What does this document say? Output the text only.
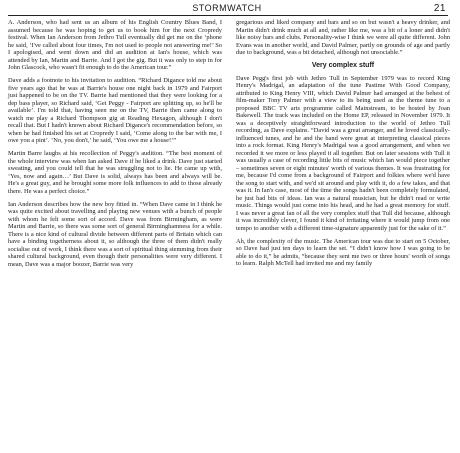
STORMWATCH	21

A. Anderson, who had sent us an album of his English Country Blues Band, I assumed because he was hoping to get us to book him for the next Cropredy festival. When Ian Anderson from Jethro Tull eventually did get me on the ‘phone he said, ‘I've called about four times, I'm not used to people not answering me!’ So I apologised, and went down and did an audition at Ian's house, which was attended by Ian, Martin and Barrie. And I got the gig. But it was only to step in for John Glascock, who wasn't fit enough to do the American tour.”

Dave adds a footnote to his invitation to audition. “Richard Digance told me about five years ago that he was at Barrie's house one night back in 1979 and Fairport just happened to be on the TV. Barrie had mentioned that they were looking for a dep bass player, so Richard said, ‘Get Peggy - Fairport are splitting up, so he'll be available’. I'm told that, having seen me on the TV, Barrie then came along to watch me play a Richard Thompson gig at Reading Hexagon, although I don't recall that. But I hadn't known about Richard Digance's recommendation before, so when he had finished his set at Cropredy I said, ‘Come along to the bar with me, I owe you a pint’. ‘No, you don't,’ he said, ‘You owe me a house!’”

Martin Barre laughs at his recollection of Peggy's audition. “The best moment of the whole interview was when Ian asked Dave if he liked a drink. Dave just started sweating, and you could tell that he was struggling not to lie. He came up with, ‘Yes, now and again…’ But Dave is solid, always has been and always will be. He's a great guy, and he brought some more folk influences to add to those already there. He was a perfect choice.”

Ian Anderson describes how the new boy fitted in. “When Dave came in I think he was quite excited about travelling and playing new venues with a bunch of people with whom he felt some sort of accord. Dave was from Birmingham, as were Martin and Barrie, so there was some sort of general Birminghamness for a while. There is a nice kind of cultural divide between different parts of Britain which can have a binding togetherness about it, so although the three of them didn't really socialise out of work, I think there was a sort of spiritual thing stemming from their shared cultural background, even though their personalities were very different. I mean, Dave was a major boozer, Barrie was very

gregarious and liked company and bars and so on but wasn't a heavy drinker, and Martin didn't drink much at all and, rather like me, was a bit of a loner and didn't like noisy bars and clubs. Personality-wise I think we were all quite different. John Evans was in another world, and David Palmer, partly on grounds of age and partly due to background, was a bit detached, although not unsociable.”

Very complex stuff

Dave Pegg's first job with Jethro Tull in September 1979 was to record King Henry's Madrigal, an adaptation of the tune Pastime With Good Company, attributed to King Henry VIII, which David Palmer had arranged at the behest of film-maker Tony Palmer with a view to its being used as the theme tune to a proposed BBC TV arts programme called Mainstream, to be hosted by Joan Bakewell. The track was included on the Home EP, released in November 1979. It was a deceptively straightforward introduction to the world of Jethro Tull recording, as Dave explains. “David was a great arranger, and he loved classically-influenced tunes, and he and the band were great at interpreting classical pieces into a rock format. King Henry's Madrigal was a good arrangement, and when we recorded it we more or less played it all together. But on later sessions with Tull it was usually a case of recording little bits of music which Ian would piece together – sometimes seven or eight minutes' worth of various themes. It was frustrating for me, because I'd come from a background of Fairport and folkies where we'd have the song to start with, and we'd sit around and play with it, do a few takes, and that was it. In Ian's case, most of the time the songs hadn't been completely formulated, he just had bits of ideas. Ian was a natural musician, but he didn't read or write music. Things would just come into his head, and he had a great memory for stuff. I was never a great fan of all the very complex stuff that Tull did because, although it was incredibly clever, I found it kind of irritating where it would jump from one tempo to another with a different time-signature apparently just for the sake of it.”

Ah, the complexity of the music. The American tour was due to start on 5 October, so Dave had just ten days to learn the set. “I didn't know how I was going to be able to do it,” he admits, “because they sent me two or three hours' worth of songs to learn. Ralph McTell had invited me and my family
